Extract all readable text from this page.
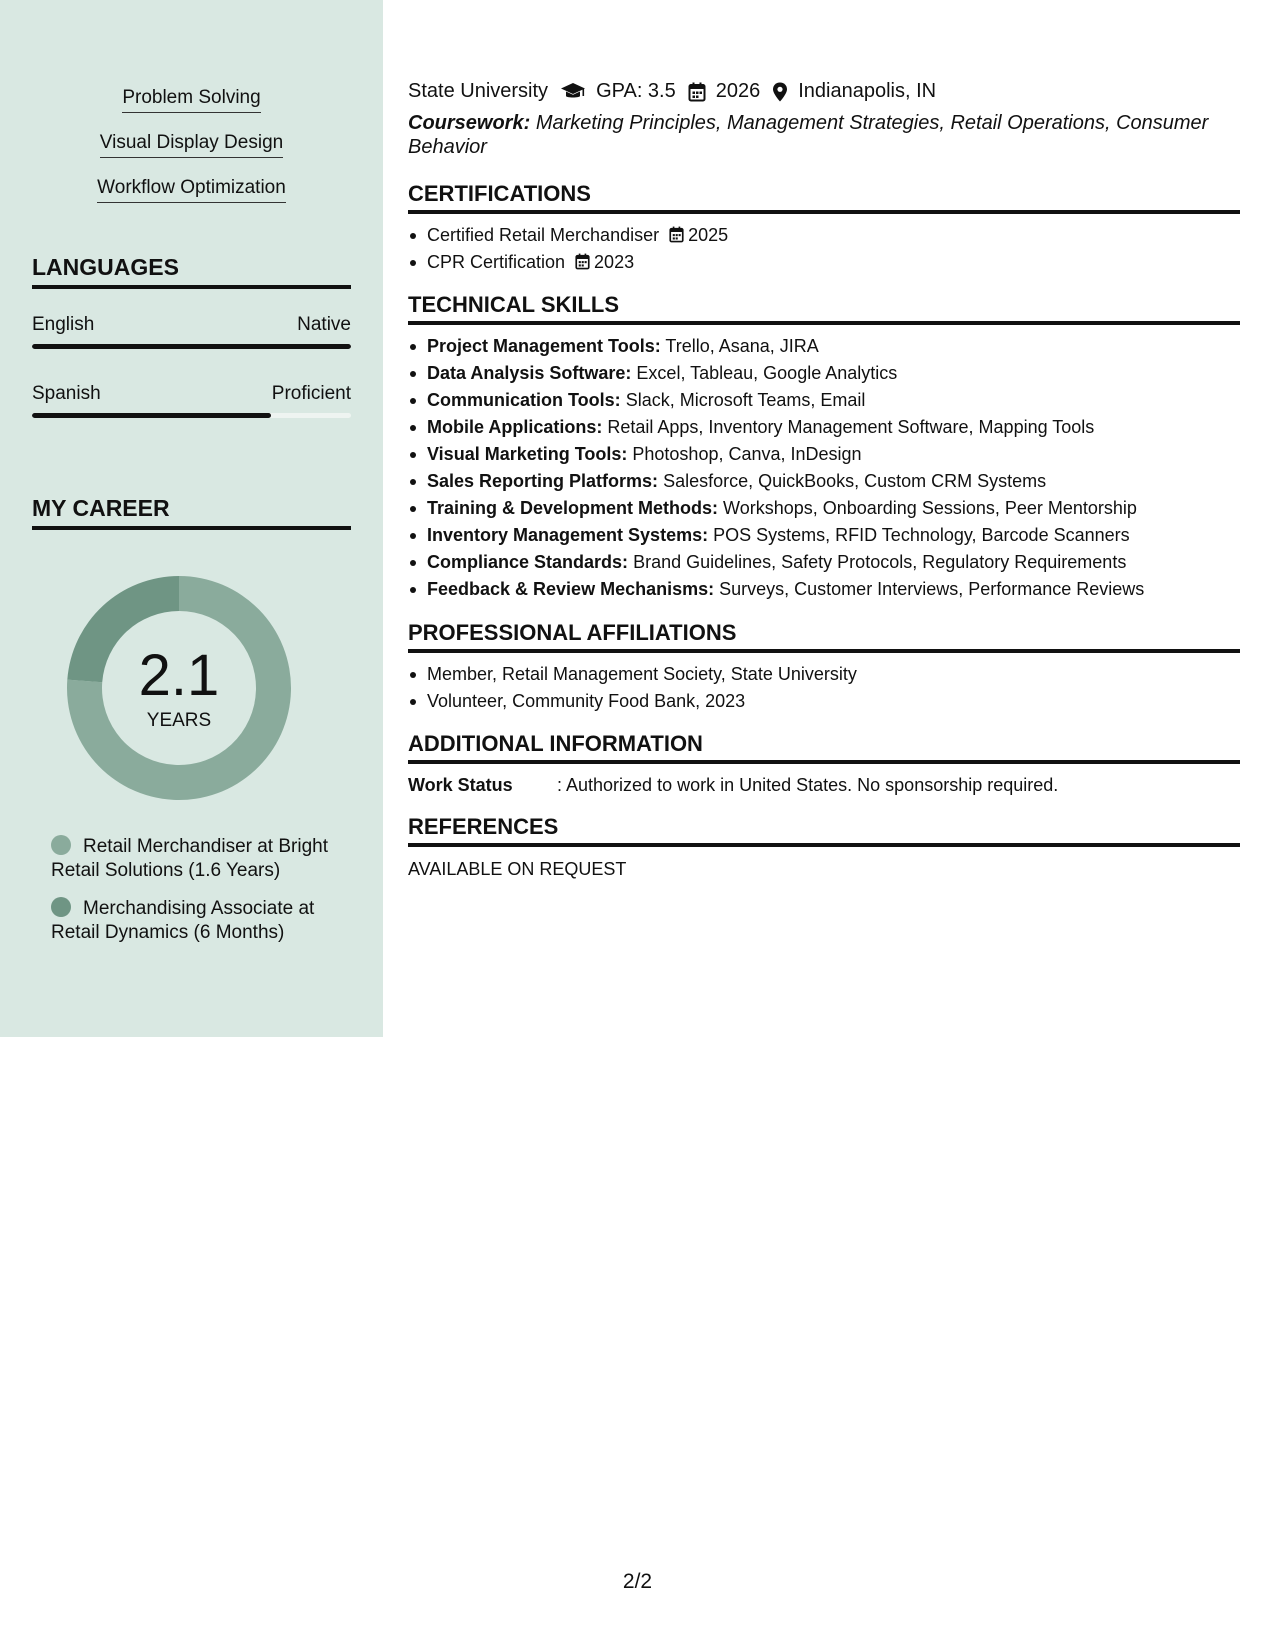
Problem Solving
Visual Display Design
Workflow Optimization
LANGUAGES
English	Native
Spanish	Proficient
MY CAREER
2.1
YEARS
Retail Merchandiser at Bright Retail Solutions (1.6 Years)
Merchandising Associate at Retail Dynamics (6 Months)
State University GPA: 3.5 2026 Indianapolis, IN
Coursework: Marketing Principles, Management Strategies, Retail Operations, Consumer Behavior
CERTIFICATIONS
Certified Retail Merchandiser 2025
CPR Certification 2023
TECHNICAL SKILLS
Project Management Tools: Trello, Asana, JIRA
Data Analysis Software: Excel, Tableau, Google Analytics
Communication Tools: Slack, Microsoft Teams, Email
Mobile Applications: Retail Apps, Inventory Management Software, Mapping Tools
Visual Marketing Tools: Photoshop, Canva, InDesign
Sales Reporting Platforms: Salesforce, QuickBooks, Custom CRM Systems
Training & Development Methods: Workshops, Onboarding Sessions, Peer Mentorship
Inventory Management Systems: POS Systems, RFID Technology, Barcode Scanners
Compliance Standards: Brand Guidelines, Safety Protocols, Regulatory Requirements
Feedback & Review Mechanisms: Surveys, Customer Interviews, Performance Reviews
PROFESSIONAL AFFILIATIONS
Member, Retail Management Society, State University
Volunteer, Community Food Bank, 2023
ADDITIONAL INFORMATION
Work Status : Authorized to work in United States. No sponsorship required.
REFERENCES
AVAILABLE ON REQUEST
2/2
